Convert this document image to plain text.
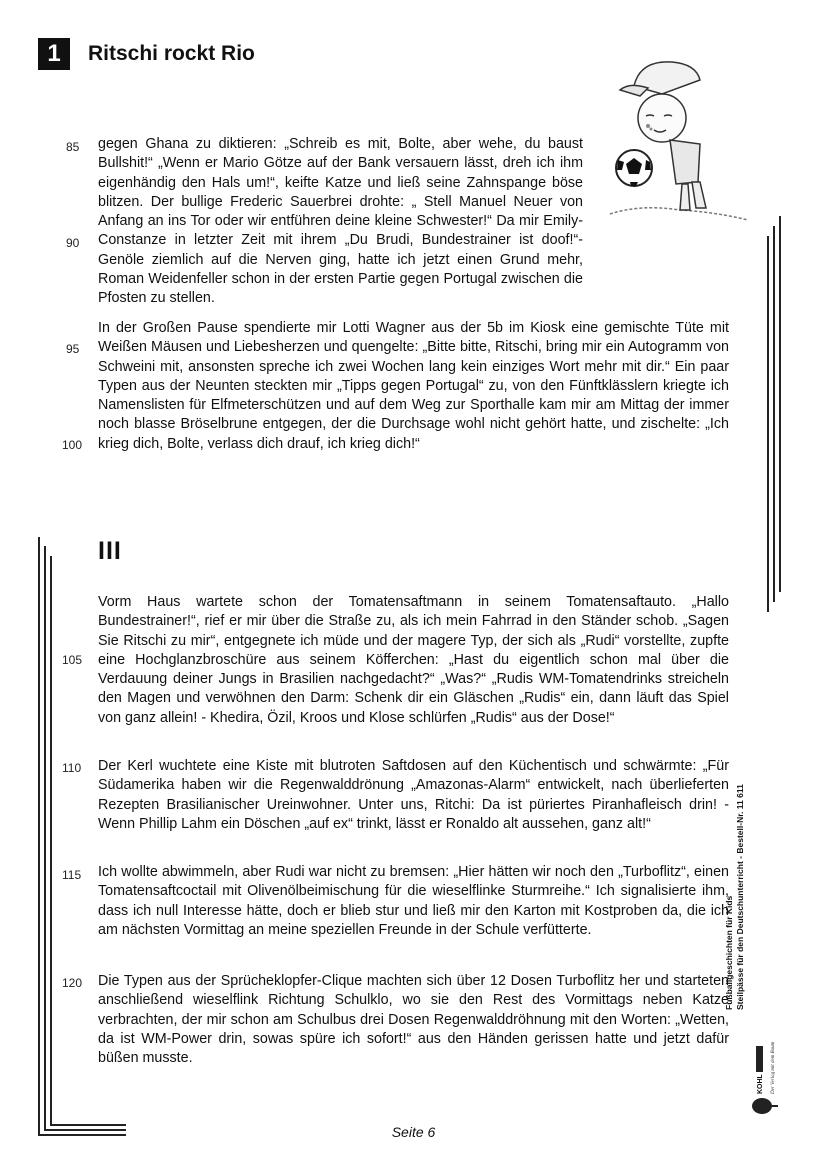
1	Ritschi rockt Rio
85
90
95
100
105
110
115
120

gegen Ghana zu diktieren: „Schreib es mit, Bolte, aber wehe, du baust Bullshit!“ „Wenn er Mario Götze auf der Bank versauern lässt, dreh ich ihm eigenhändig den Hals um!“, keifte Katze und ließ seine Zahnspange böse blitzen. Der bullige Frederic Sauerbrei drohte: „ Stell Manuel Neuer von Anfang an ins Tor oder wir entführen deine kleine Schwester!“ Da mir Emily-Constanze in letzter Zeit mit ihrem „Du Brudi, Bundestrainer ist doof!“- Genöle ziemlich auf die Nerven ging, hatte ich jetzt einen Grund mehr, Roman Weidenfeller schon in der ersten Partie gegen Portugal zwischen die Pfosten zu stellen.

In der Großen Pause spendierte mir Lotti Wagner aus der 5b im Kiosk eine gemischte Tüte mit Weißen Mäusen und Liebesherzen und quengelte: „Bitte bitte, Ritschi, bring mir ein Autogramm von Schweini mit, ansonsten spreche ich zwei Wochen lang kein einziges Wort mehr mit dir.“ Ein paar Typen aus der Neunten steckten mir „Tipps gegen Portugal“ zu, von den Fünftklässlern kriegte ich Namenslisten für Elfmeterschützen und auf dem Weg zur Sporthalle kam mir am Mittag der immer noch blasse Bröselbrune entgegen, der die Durchsage wohl nicht gehört hatte, und zischelte: „Ich krieg dich, Bolte, verlass dich drauf, ich krieg dich!“

III

Vorm Haus wartete schon der Tomatensaftmann in seinem Tomatensaftauto. „Hallo Bundestrainer!“, rief er mir über die Straße zu, als ich mein Fahrrad in den Ständer schob. „Sagen Sie Ritschi zu mir“, entgegnete ich müde und der magere Typ, der sich als „Rudi“ vorstellte, zupfte eine Hochglanzbroschüre aus seinem Köfferchen: „Hast du eigentlich schon mal über die Verdauung deiner Jungs in Brasilien nachgedacht?“ „Was?“ „Rudis WM-Tomatendrinks streicheln den Magen und verwöhnen den Darm: Schenk dir ein Gläschen „Rudis“ ein, dann läuft das Spiel von ganz allein! - Khedira, Özil, Kroos und Klose schlürfen „Rudis“ aus der Dose!“

Der Kerl wuchtete eine Kiste mit blutroten Saftdosen auf den Küchentisch und schwärmte: „Für Südamerika haben wir die Regenwalddrönung „Amazonas-Alarm“ entwickelt, nach überlieferten Rezepten Brasilianischer Ureinwohner. Unter uns, Ritchi: Da ist püriertes Piranhafleisch drin! - Wenn Phillip Lahm ein Döschen „auf ex“ trinkt, lässt er Ronaldo alt aussehen, ganz alt!“

Ich wollte abwimmeln, aber Rudi war nicht zu bremsen: „Hier hätten wir noch den „Turboflitz“, einen Tomatensaftcoctail mit Olivenölbeimischung für die wieselflinke Sturmreihe.“ Ich signalisierte ihm, dass ich null Interesse hätte, doch er blieb stur und ließ mir den Karton mit Kostproben da, die ich am nächsten Vormittag an meine speziellen Freunde in der Schule verfütterte.

Die Typen aus der Sprücheklopfer-Clique machten sich über 12 Dosen Turboflitz her und starteten anschließend wieselflink Richtung Schulklo, wo sie den Rest des Vormittags neben Katze verbrachten, der mir schon am Schulbus drei Dosen Regenwalddröhnung mit den Worten: „Wetten, da ist WM-Power drin, sowas spüre ich sofort!“ aus den Händen gerissen hatte und jetzt dafür büßen musste.

Fußballgeschichten für Kids Steilpässe für den Deutschunterricht - Bestell-Nr. 11 611
KOHL Der Verlag mit dem Baum
Seite 6
